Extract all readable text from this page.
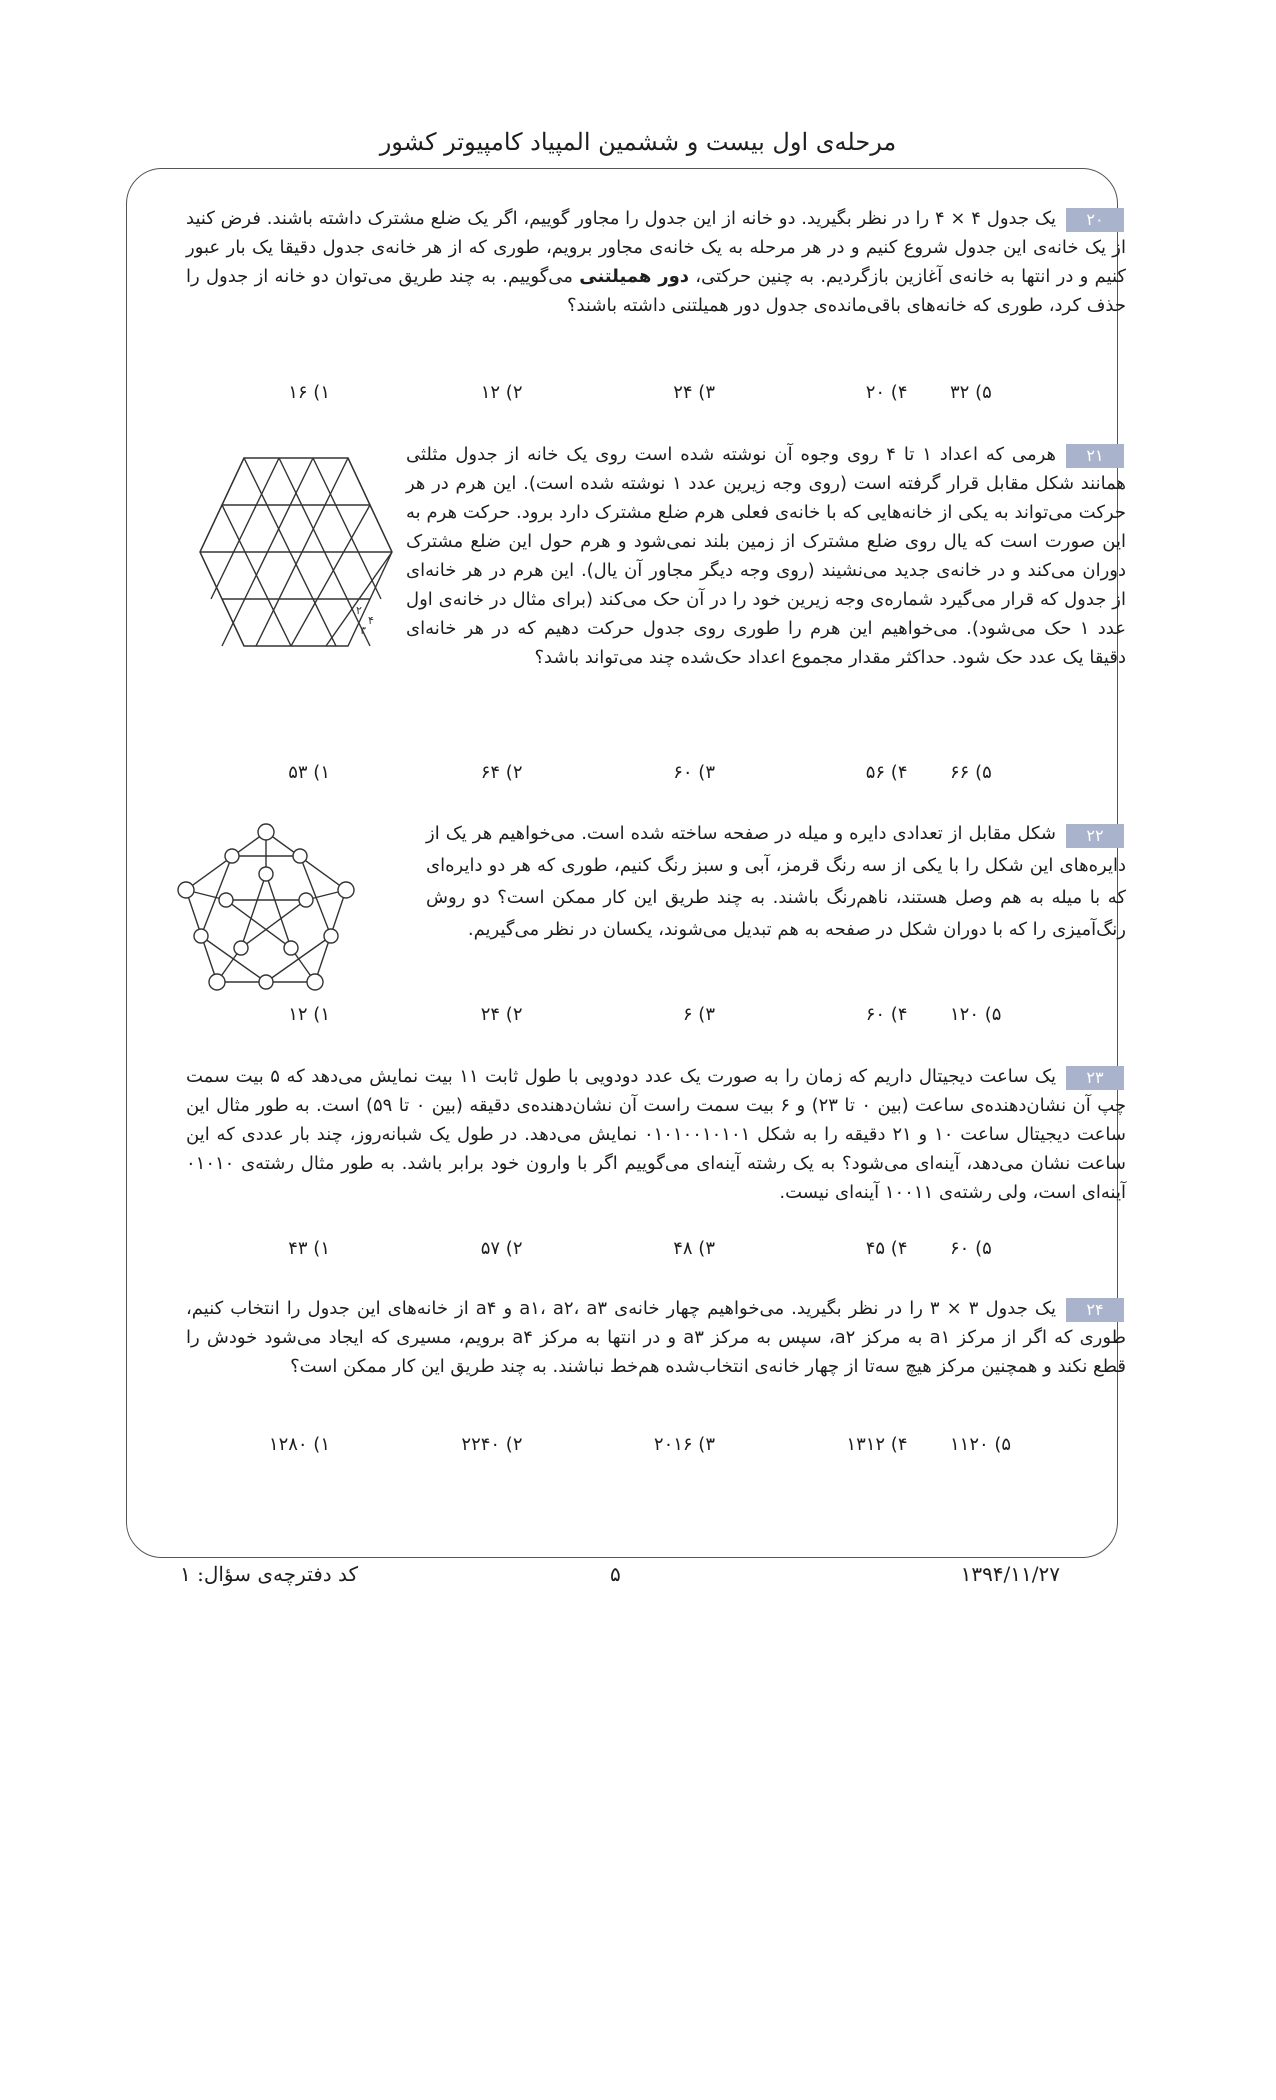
مرحله‌ی اول بیست و ششمین المپیاد کامپیوتر کشور
۲۰

یک جدول ۴ × ۴ را در نظر بگیرید. دو خانه از این جدول را مجاور گوییم، اگر یک ضلع مشترک داشته باشند. فرض کنید از یک خانه‌ی این جدول شروع کنیم و در هر مرحله به یک خانه‌ی مجاور برویم، طوری که از هر خانه‌ی جدول دقیقا یک بار عبور کنیم و در انتها به خانه‌ی آغازین بازگردیم. به چنین حرکتی، دور همیلتنی می‌گوییم. به چند طریق می‌توان دو خانه از جدول را حذف کرد، طوری که خانه‌های باقی‌مانده‌ی جدول دور همیلتنی داشته باشند؟

۱) ۱۶	۲) ۱۲	۳) ۲۴	۴) ۲۰ ۵) ۳۲
۲۱

هرمی که اعداد ۱ تا ۴ روی وجوه آن نوشته شده است روی یک خانه از جدول مثلثی همانند شکل مقابل قرار گرفته است (روی وجه زیرین عدد ۱ نوشته شده است). این هرم در هر حرکت می‌تواند به یکی از خانه‌هایی که با خانه‌ی فعلی هرم ضلع مشترک دارد برود. حرکت هرم به این صورت است که یال روی ضلع مشترک از زمین بلند نمی‌شود و هرم حول این ضلع مشترک دوران می‌کند و در خانه‌ی جدید می‌نشیند (روی وجه دیگر مجاور آن یال). این هرم در هر خانه‌ای از جدول که قرار می‌گیرد شماره‌ی وجه زیرین خود را در آن حک می‌کند (برای مثال در خانه‌ی اول عدد ۱ حک می‌شود). می‌خواهیم این هرم را طوری روی جدول حرکت دهیم که در هر خانه‌ای دقیقا یک عدد حک شود. حداکثر مقدار مجموع اعداد حک‌شده چند می‌تواند باشد؟

۲
۴
۳
۱) ۵۳	۲) ۶۴	۳) ۶۰	۴) ۵۶ ۵) ۶۶
۲۲

شکل مقابل از تعدادی دایره و میله در صفحه ساخته شده است. می‌خواهیم هر یک از دایره‌های این شکل را با یکی از سه رنگ قرمز، آبی و سبز رنگ کنیم، طوری که هر دو دایره‌ای که با میله به هم وصل هستند، ناهم‌رنگ باشند. به چند طریق این کار ممکن است؟ دو روش رنگ‌آمیزی را که با دوران شکل در صفحه به هم تبدیل می‌شوند، یکسان در نظر می‌گیریم.

۱) ۱۲	۲) ۲۴	۳) ۶	۴) ۶۰ ۵) ۱۲۰
۲۳

یک ساعت دیجیتال داریم که زمان را به صورت یک عدد دودویی با طول ثابت ۱۱ بیت نمایش می‌دهد که ۵ بیت سمت چپ آن نشان‌دهنده‌ی ساعت (بین ۰ تا ۲۳) و ۶ بیت سمت راست آن نشان‌دهنده‌ی دقیقه (بین ۰ تا ۵۹) است. به طور مثال این ساعت دیجیتال ساعت ۱۰ و ۲۱ دقیقه را به شکل ۰۱۰۱۰۰۱۰۱۰۱ نمایش می‌دهد. در طول یک شبانه‌روز، چند بار عددی که این ساعت نشان می‌دهد، آینه‌ای می‌شود؟ به یک رشته آینه‌ای می‌گوییم اگر با وارون خود برابر باشد. به طور مثال رشته‌ی ۰۱۰۱۰ آینه‌ای است، ولی رشته‌ی ۱۰۰۱۱ آینه‌ای نیست.

۱) ۴۳	۲) ۵۷	۳) ۴۸	۴) ۴۵ ۵) ۶۰
۲۴

یک جدول ۳ × ۳ را در نظر بگیرید. می‌خواهیم چهار خانه‌ی a۱، a۲، a۳ و a۴ از خانه‌های این جدول را انتخاب کنیم، طوری که اگر از مرکز a۱ به مرکز a۲، سپس به مرکز a۳ و در انتها به مرکز a۴ برویم، مسیری که ایجاد می‌شود خودش را قطع نکند و همچنین مرکز هیچ سه‌تا از چهار خانه‌ی انتخاب‌شده هم‌خط نباشند. به چند طریق این کار ممکن است؟

۱) ۱۲۸۰	۲) ۲۲۴۰	۳) ۲۰۱۶	۴) ۱۳۱۲ ۵) ۱۱۲۰
کد دفترچه‌ی سؤال: ۱	۵	۱۳۹۴/۱۱/۲۷
